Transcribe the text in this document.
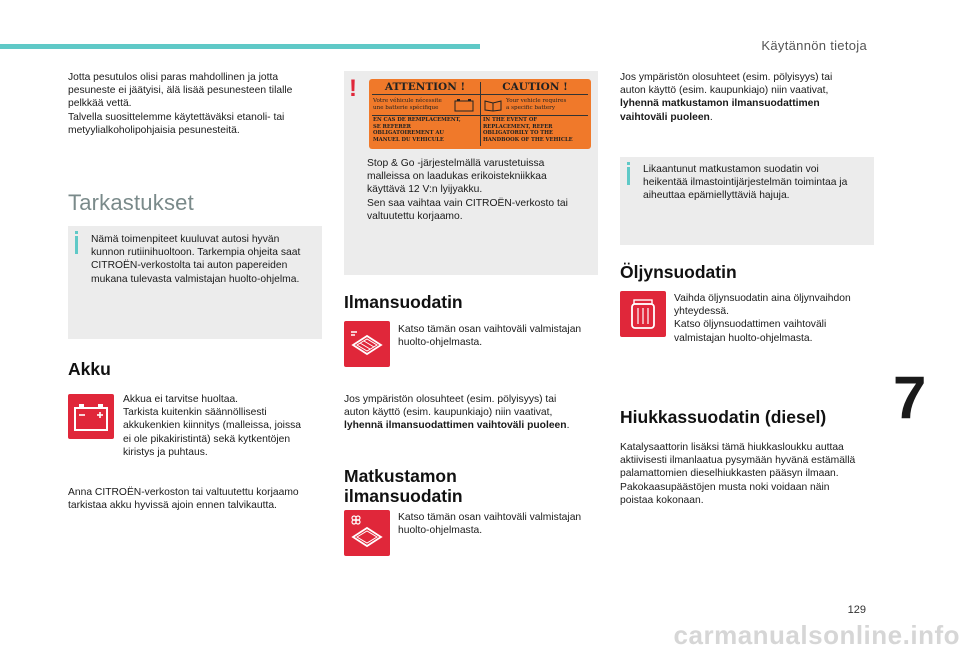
Käytännön tietoja

Jotta pesutulos olisi paras mahdollinen ja jotta

pesuneste ei jäätyisi, älä lisää pesunesteen tilalle

pelkkää vettä.

Talvella suosittelemme käytettäväksi etanoli- tai

metyylialkoholipohjaisia pesunesteitä.

Tarkastukset

Nämä toimenpiteet kuuluvat autosi hyvän

kunnon rutiinihuoltoon. Tarkempia ohjeita saat

CITROËN-verkostolta tai auton papereiden

mukana tulevasta valmistajan huolto-ohjelma.

Akku

Akkua ei tarvitse huoltaa.

Tarkista kuitenkin säännöllisesti

akkukenkien kiinnitys (malleissa, joissa

ei ole pikakiristintä) sekä kytkentöjen

kiristys ja puhtaus.

Anna CITROËN-verkoston tai valtuutettu korjaamo

tarkistaa akku hyvissä ajoin ennen talvikautta.

!	ATTENTION !	CAUTION !
Votre véhicule nécessite
une batterie spécifique
Your vehicle requires
a specific battery
EN CAS DE REMPLACEMENT,
SE REFERER
OBLIGATOIREMENT AU
MANUEL DU VEHICULE
IN THE EVENT OF
REPLACEMENT, REFER
OBLIGATORILY TO THE
HANDBOOK OF THE VEHICLE

Stop & Go -järjestelmällä varustetuissa

malleissa on laadukas erikoistekniikkaa

käyttävä 12 V:n lyijyakku.

Sen saa vaihtaa vain CITROËN-verkosto tai

valtuutettu korjaamo.

Ilmansuodatin

Katso tämän osan vaihtoväli valmistajan

huolto-ohjelmasta.

Jos ympäristön olosuhteet (esim. pölyisyys) tai

auton käyttö (esim. kaupunkiajo) niin vaativat,

lyhennä ilmansuodattimen vaihtoväli puoleen.

Matkustamon
ilmansuodatin

Katso tämän osan vaihtoväli valmistajan

huolto-ohjelmasta.

Jos ympäristön olosuhteet (esim. pölyisyys) tai

auton käyttö (esim. kaupunkiajo) niin vaativat,

lyhennä matkustamon ilmansuodattimen

vaihtoväli puoleen.

Likaantunut matkustamon suodatin voi

heikentää ilmastointijärjestelmän toimintaa ja

aiheuttaa epämiellyttäviä hajuja.

Öljynsuodatin

Vaihda öljynsuodatin aina öljynvaihdon

yhteydessä.

Katso öljynsuodattimen vaihtoväli

valmistajan huolto-ohjelmasta.

Hiukkassuodatin (diesel)

Katalysaattorin lisäksi tämä hiukkasloukku auttaa

aktiivisesti ilmanlaatua pysymään hyvänä estämällä

palamattomien dieselhiukkasten pääsyn ilmaan.

Pakokaasupäästöjen musta noki voidaan näin

poistaa kokonaan.

7
129
carmanualsonline.info
